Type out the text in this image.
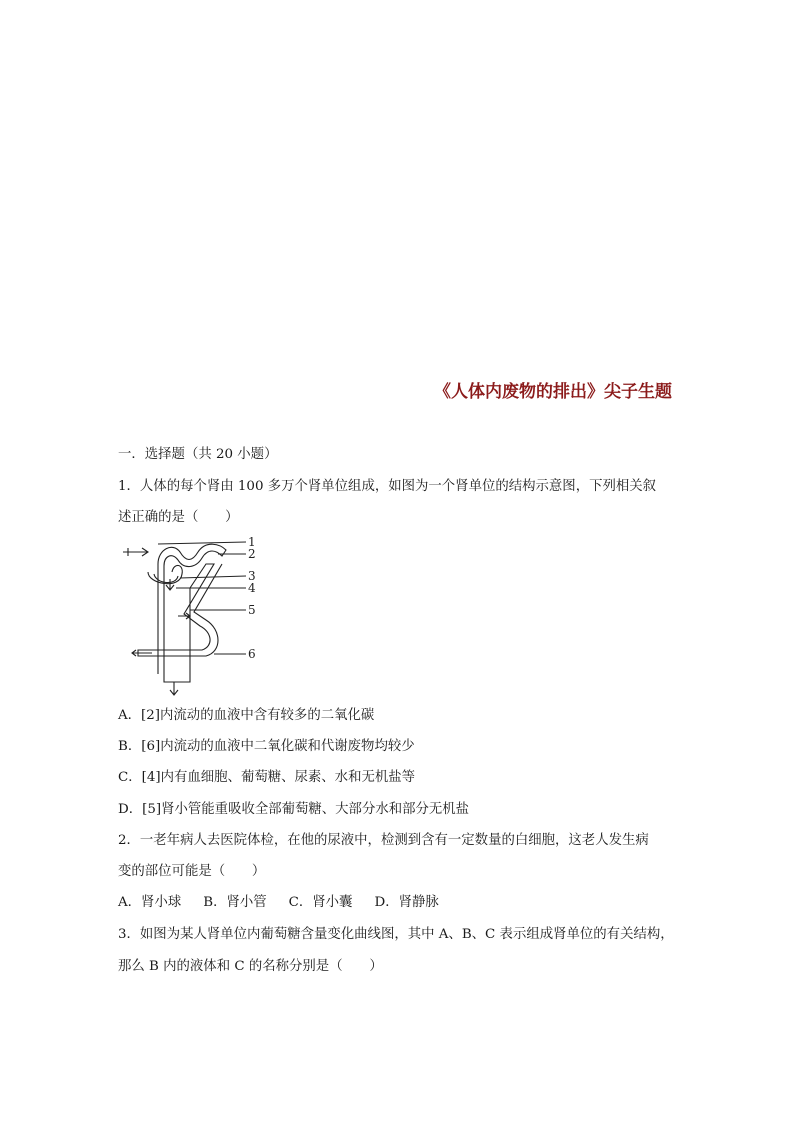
《人体内废物的排出》尖子生题
一．选择题（共 20 小题）
1．人体的每个肾由 100 多万个肾单位组成，如图为一个肾单位的结构示意图，下列相关叙
述正确的是（　　）
1
2
3
4
5
6
A．[2]内流动的血液中含有较多的二氧化碳
B．[6]内流动的血液中二氧化碳和代谢废物均较少
C．[4]内有血细胞、葡萄糖、尿素、水和无机盐等
D．[5]肾小管能重吸收全部葡萄糖、大部分水和部分无机盐
2．一老年病人去医院体检，在他的尿液中，检测到含有一定数量的白细胞，这老人发生病
变的部位可能是（　　）
A．肾小球 B．肾小管 C．肾小囊 D．肾静脉
3．如图为某人肾单位内葡萄糖含量变化曲线图，其中 A、B、C 表示组成肾单位的有关结构，
那么 B 内的液体和 C 的名称分别是（　　）
